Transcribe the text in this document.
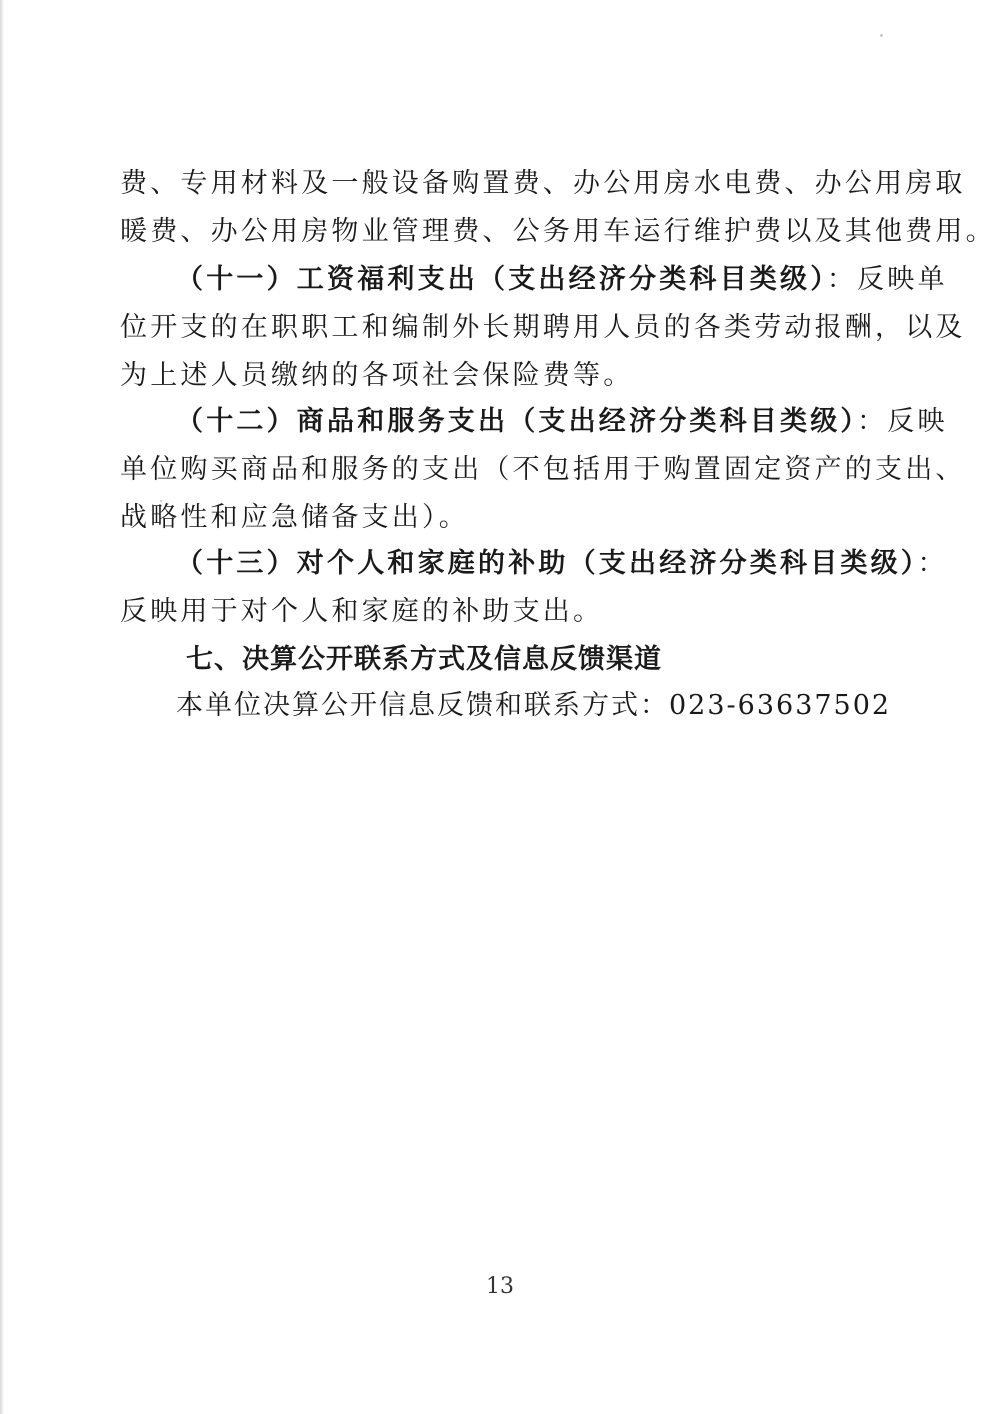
费、专用材料及一般设备购置费、办公用房水电费、办公用房取
暖费、办公用房物业管理费、公务用车运行维护费以及其他费用。
（十一）工资福利支出（支出经济分类科目类级）：反映单
位开支的在职职工和编制外长期聘用人员的各类劳动报酬，以及
为上述人员缴纳的各项社会保险费等。
（十二）商品和服务支出（支出经济分类科目类级）：反映
单位购买商品和服务的支出（不包括用于购置固定资产的支出、
战略性和应急储备支出）。
（十三）对个人和家庭的补助（支出经济分类科目类级）：
反映用于对个人和家庭的补助支出。
七、决算公开联系方式及信息反馈渠道
本单位决算公开信息反馈和联系方式：023-63637502
13
